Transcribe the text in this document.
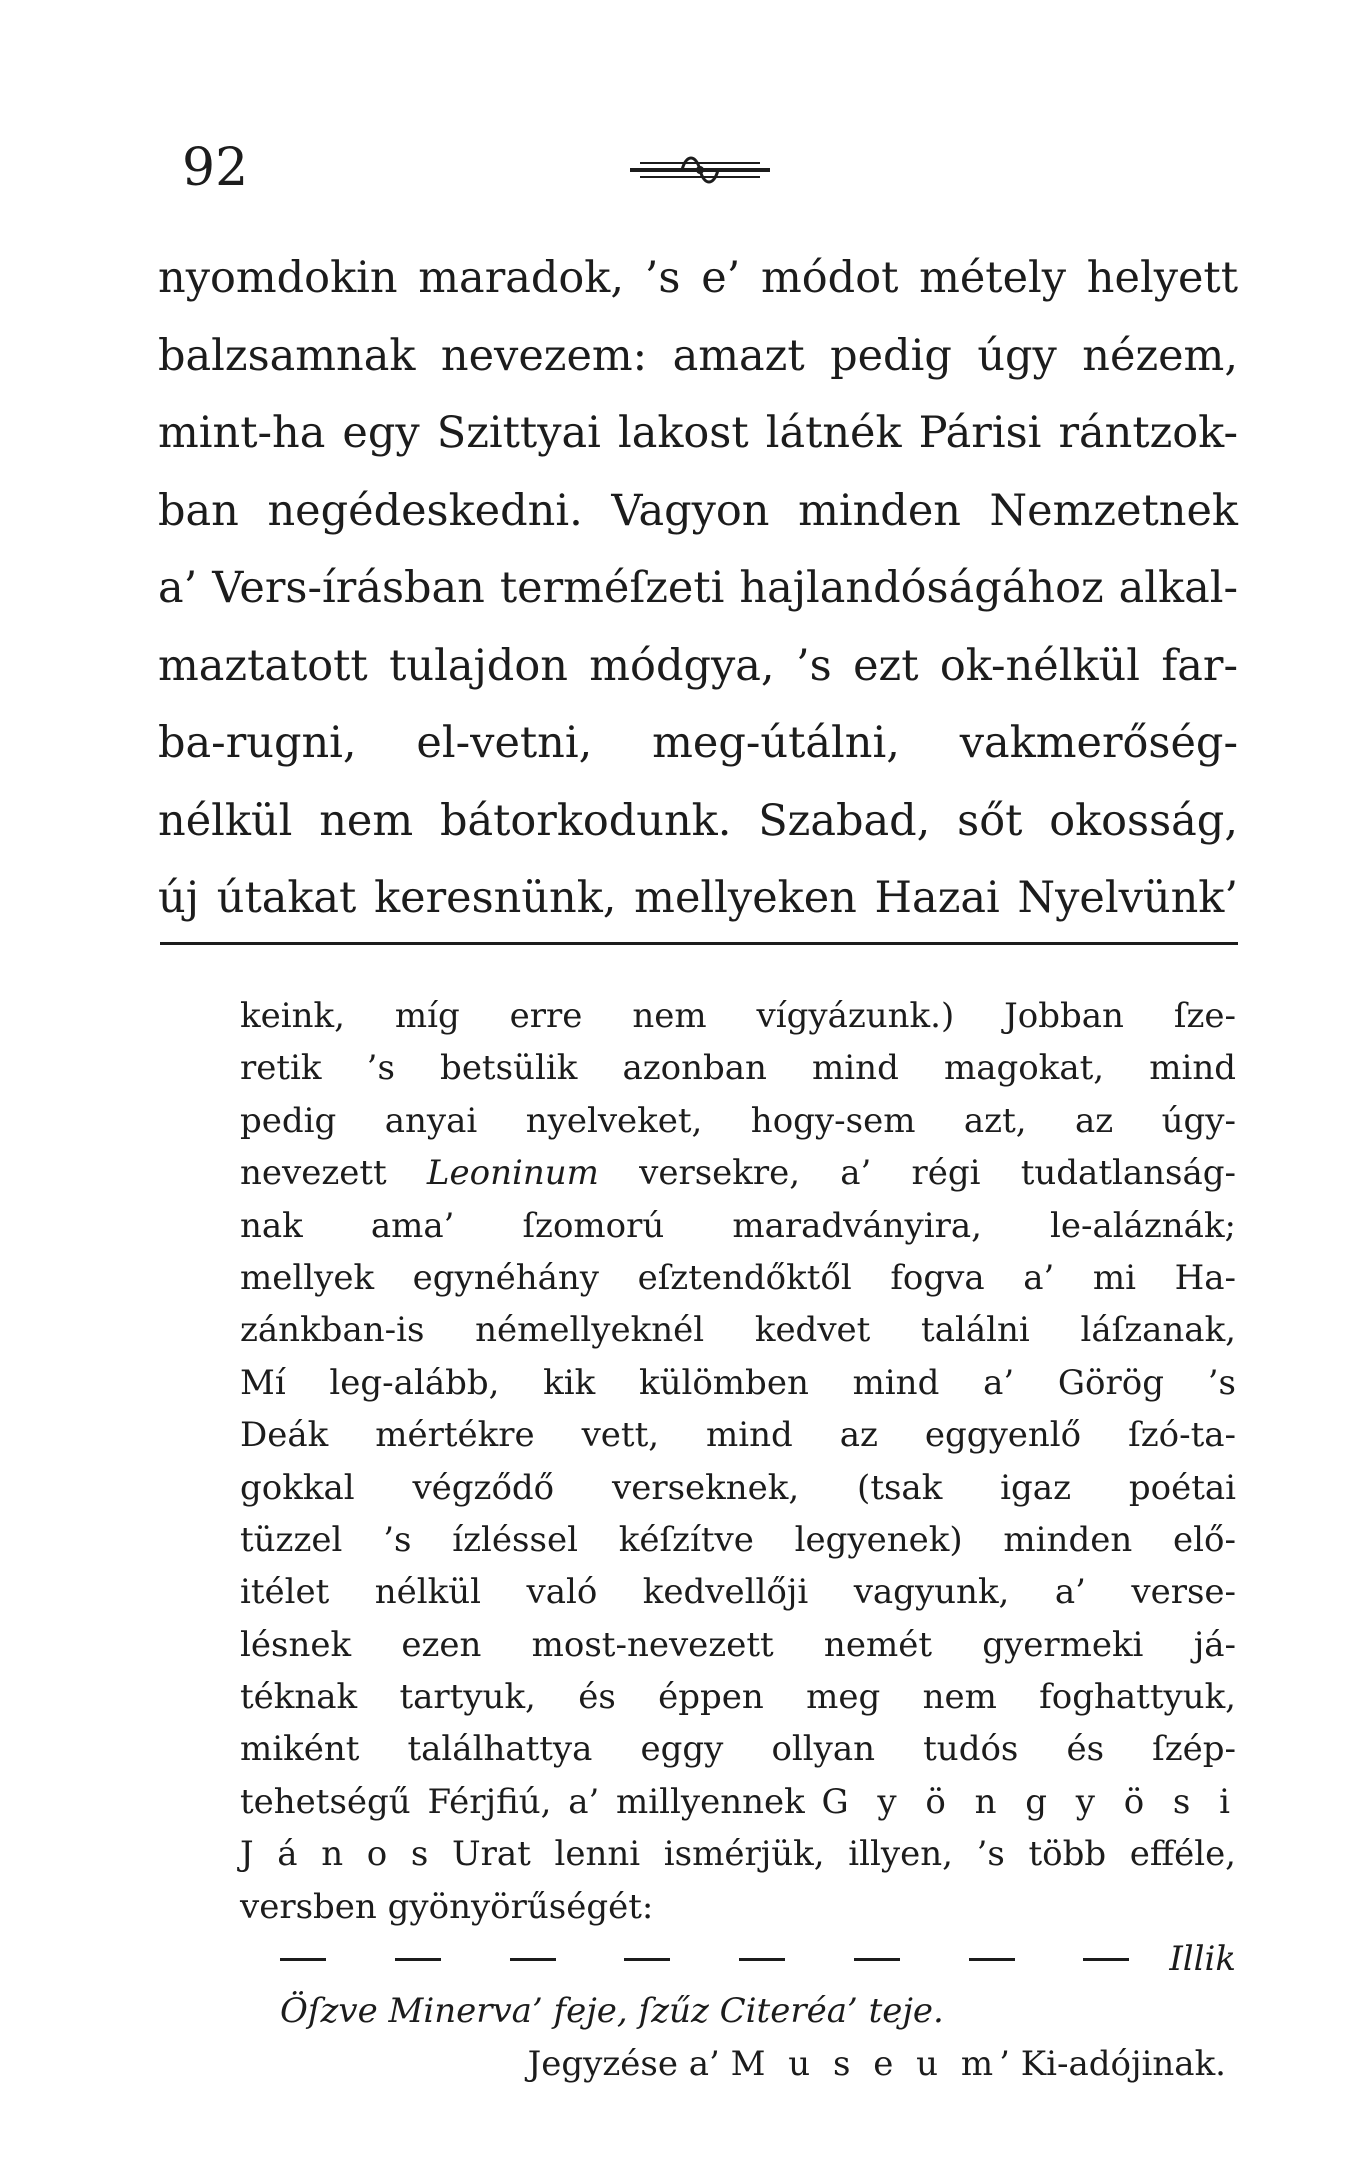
92
nyomdokin maradok, ’s e’ módot métely helyett
balzsamnak nevezem: amazt pedig úgy nézem,
mint-ha egy Szittyai lakost látnék Párisi rántzok-
ban negédeskedni. Vagyon minden Nemzetnek
a’ Vers-írásban terméſzeti hajlandóságához alkal-
maztatott tulajdon módgya, ’s ezt ok-nélkül far-
ba-rugni, el-vetni, meg-útálni, vakmerőség-
nélkül nem bátorkodunk. Szabad, sőt okosság,
új útakat keresnünk, mellyeken Hazai Nyelvünk’
keink, míg erre nem vígyázunk.) Jobban ſze-
retik ’s betsülik azonban mind magokat, mind
pedig anyai nyelveket, hogy-sem azt, az úgy-
nevezett Leoninum versekre, a’ régi tudatlanság-
nak ama’ ſzomorú maradványira, le-aláznák;
mellyek egynéhány eſztendőktől fogva a’ mi Ha-
zánkban-is némellyeknél kedvet találni láſzanak,
Mí leg-alább, kik külömben mind a’ Görög ’s
Deák mértékre vett, mind az eggyenlő ſzó-ta-
gokkal végződő verseknek, (tsak igaz poétai
tüzzel ’s ízléssel kéſzítve legyenek) minden elő-
itélet nélkül való kedvellőji vagyunk, a’ verse-
lésnek ezen most-nevezett nemét gyermeki já-
téknak tartyuk, és éppen meg nem foghattyuk,
miként találhattya eggy ollyan tudós és ſzép-
tehetségű Férjfiú, a’ millyennek G y ö n g y ö s i
J á n o s Urat lenni ismérjük, illyen, ’s több efféle,
versben gyönyörűségét:
Illik
Öſzve Minerva’ feje, ſzűz Citeréa’ teje.
Jegyzése a’ M u s e u m’ Ki-adójinak.
